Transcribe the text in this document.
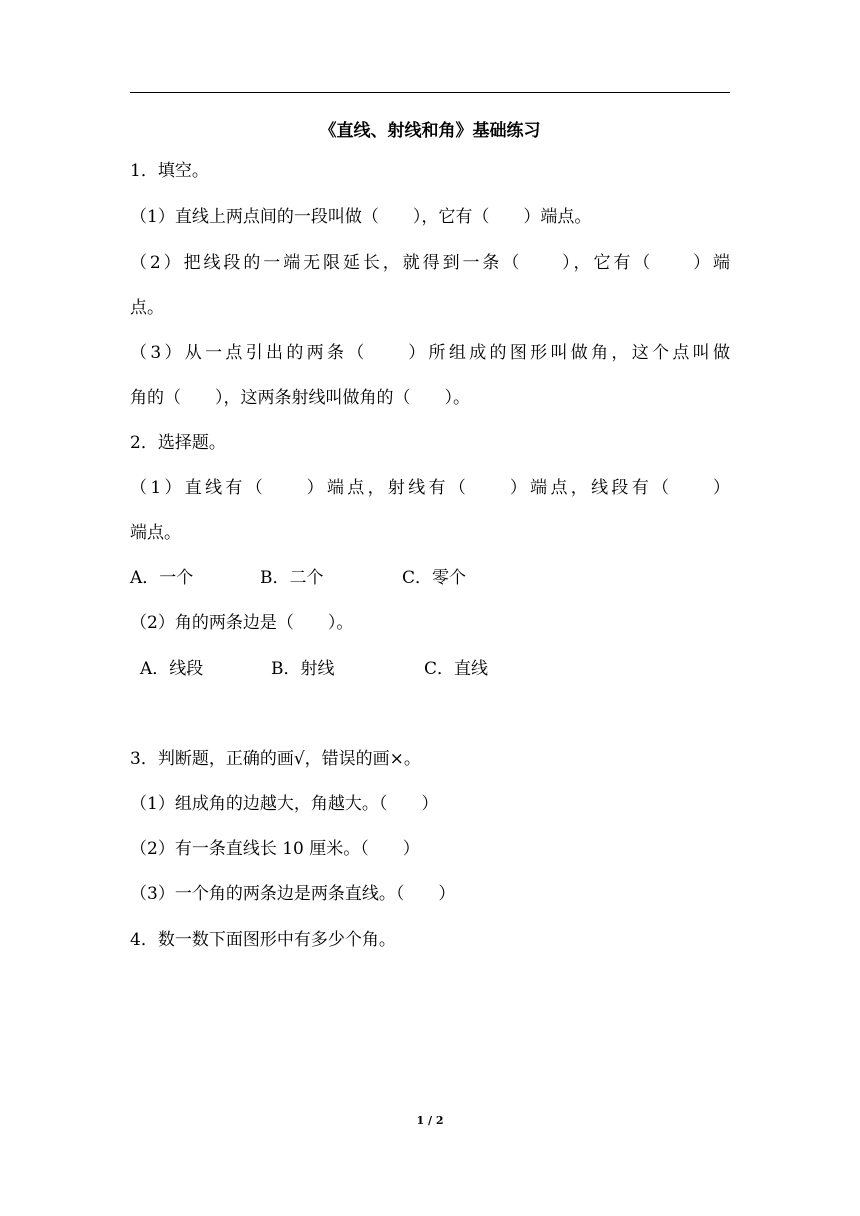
《直线、射线和角》基础练习
1．填空。
（1）直线上两点间的一段叫做（　　），它有（　　）端点。
（2）把线段的一端无限延长，就得到一条（　　），它有（　　）端
点。
（3）从一点引出的两条（　　）所组成的图形叫做角，这个点叫做
角的（　　），这两条射线叫做角的（　　）。
2．选择题。
（1）直线有（　　）端点，射线有（　　）端点，线段有（　　）
端点。
A．一个	B．二个	C．零个
（2）角的两条边是（　　）。
A．线段	B．射线	C．直线
3．判断题，正确的画√，错误的画×。
（1）组成角的边越大，角越大。（　　）
（2）有一条直线长 10 厘米。（　　）
（3）一个角的两条边是两条直线。（　　）
4．数一数下面图形中有多少个角。
1 / 2
